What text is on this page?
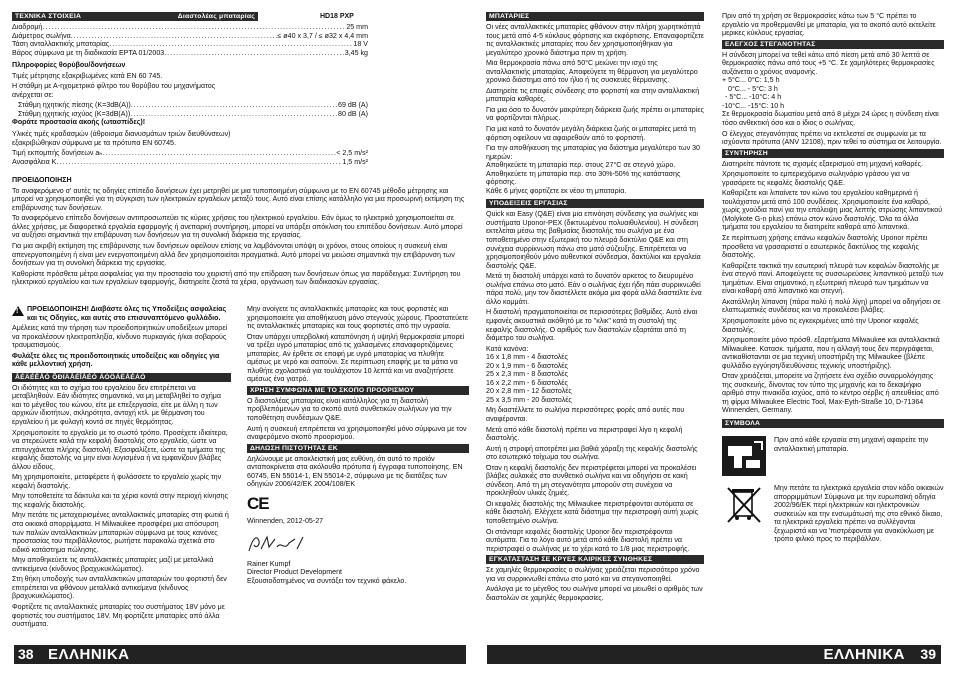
ΤΕΧΝΙΚΑ ΣΤΟΙΧΕΙΑ	Διαστολέας μπαταρίας	HD18 PXP
Διαδρομή .....	25 mm
Διάμετρος σωλήνα .....	≤ ø40 x 3,7 / ≤ ø32 x 4,4 mm
Τάση ανταλλακτικής μπαταρίας .....	18 V
Βάρος σύμφωνα με τη διαδικασία EPTA 01/2003 .....	3,45 kg

Πληροφορίες θορύβου/δονήσεων

Τιμές μέτρησης εξακριβωμένες κατά EN 60 745.

Η στάθμη με Α-ηχομετρικό φίλτρο του θορύβου του μηχανήματος ανέρχεται σε:

Στάθμη ηχητικής πίεσης (K=3dB(A)) .....	69 dB (A)
Στάθμη ηχητικής ισχύος (K=3dB(A)) .....	80 dB (A)

Φοράτε προστασία ακοής (ωτασπίδες)!

Υλικές τιμές κραδασμών (άθροισμα διανυσμάτων τριών διευθύνσεων) εξακριβώθηκαν σύμφωνα με τα πρότυπα EN 60745.

Τιμή εκπομπής δονήσεων aₕ .....	< 2,5 m/s²
Ανασφάλεια K .....	1,5 m/s²

ΠΡΟΕΙΔΟΠΟΙΗΣΗ

Το αναφερόμενο σ' αυτές τις οδηγίες επίπεδο δονήσεων έχει μετρηθεί με μια τυποποιημένη σύμφωνα με το EN 60745 μέθοδο μέτρησης και μπορεί να χρησιμοποιηθεί για τη σύγκριση των ηλεκτρικών εργαλείων μεταξύ τους. Αυτό είναι επίσης κατάλληλο για μια προσωρινή εκτίμηση της επιβάρυνσης των δονήσεων.

Το αναφερόμενο επίπεδο δονήσεων αντιπροσωπεύει τις κύριες χρήσεις του ηλεκτρικού εργαλείου. Εάν όμως το ηλεκτρικό χρησιμοποιείται σε άλλες χρήσεις, με διαφορετικά εργαλεία εφαρμογής ή ανεπαρκή συντήρηση, μπορεί να υπάρξει απόκλιση του επιπέδου δονήσεων. Αυτό μπορεί να αυξήσει σημαντικά την επιβάρυνση των δονήσεων για τη συνολική διάρκεια της εργασίας.

Για μια ακριβή εκτίμηση της επιβάρυνσης των δονήσεων οφείλουν επίσης να λαμβάνονται υπόψη οι χρόνοι, στους οποίους η συσκευή είναι απενεργοποιημένη ή είναι μεν ενεργοποιημένη αλλά δεν χρησιμοποιείται πραγματικά. Αυτό μπορεί να μειώσει σημαντικά την επιβάρυνση των δονήσεων για τη συνολική διάρκεια της εργασίας.

Καθορίστε πρόσθετα μέτρα ασφαλείας για την προστασία του χειριστή από την επίδραση των δονήσεων όπως για παράδειγμα: Συντήρηση του ηλεκτρικού εργαλείου και των εργαλείων εφαρμογής, διατηρείτε ζεστά τα χέρια, οργάνωση των διαδικασιών εργασίας.

!

ΠΡΟΕΙΔΟΠΟΙΗΣΗ! Διαβάστε όλες τις Υποδείξεις ασφαλείας και τις Οδηγίες, και αυτές στο επισυναπτόμενο φυλλάδιο.

Αμέλειες κατά την τήρηση των προειδοποιητικών υποδείξεων μπορεί να προκαλέσουν ηλεκτροπληξία, κίνδυνο πυρκαγιάς ή/και σοβαρούς τραυματισμούς.

Φυλάξτε όλες τις προειδοποιητικές υποδείξεις και οδηγίες για κάθε μελλοντική χρήση.

ÅÉÄÉÊÅÓ ÕÐÏÄÅÉÎÅÉÓ ÁÓÖÁËÅÉÁÓ

Οι ιδιότητες και το σχήμα του εργαλείου δεν επιτρέπεται να μεταβληθούν. Εάν ιδιότητες σημαντικά, να μη μεταβληθεί το σχήμα και το μέγεθος του κώνου, είτε με επεξεργασία, είτε με άλλη η των αρχικών ιδιοτήτων, σκληρότητα, αντοχή κτλ. με θέρμανση του εργαλείου ή με φυλαγή κοντά σε πηγές θερμότητας.

Χρησιμοποιείτε το εργαλείο με το σωστό τρόπο. Προσέχετε ιδιαίτερα, να στερεώνετε καλά την κεφαλή διαστολής στο εργαλείο, ώστε να επιτυγχάνεται πλήρης διαστολή. Εξασφαλίζετε, ώστε τα τμήματα της κεφαλής διαστολής να μην είναι λυγισμένα ή να εμφανίζουν βλάβες άλλου είδους.

Μη χρησιμοποιείτε, μεταφέρετε ή φυλάσσετε το εργαλείο χωρίς την κεφαλή διαστολής.

Μην τοποθετείτε τα δάκτυλα και τα χέρια κοντά στην περιοχή κίνησης της κεφαλής διαστολής.

Μην πετάτε τις μεταχειρισμένες ανταλλακτικές μπαταρίες στη φωτιά ή στα οικιακά απορρίμματα. Η Milwaukee προσφέρει μια απόσυρση των παλιών ανταλλακτικών μπαταριών σύμφωνα με τους κανόνες προστασίας του περιβάλλοντος, ρωτήστε παρακαλώ σχετικά στο ειδικό κατάστημα πώλησης.

Μην αποθηκεύετε τις ανταλλακτικές μπαταρίες μαζί με μεταλλικά αντικείμενα (κίνδυνος βραχυκυκλώματος).

Στη θήκη υποδοχής των ανταλλακτικών μπαταριών του φορτιστή δεν επιτρέπεται να φθάνουν μεταλλικά αντικείμενα (κίνδυνος βραχυκυκλώματος).

Φορτίζετε τις ανταλλακτικές μπαταρίες του συστήματος 18V μόνο με φορτιστές του συστήματος 18V. Μη φορτίζετε μπαταρίες από άλλα συστήματα.

Μην ανοίγετε τις ανταλλακτικές μπαταρίες και τους φορτιστές και χρησιμοποιείτε για αποθήκευση μόνο στεγνούς χώρους. Προστατεύετε τις ανταλλακτικές μπαταρίες και τους φορτιστές από την υγρασία.

Όταν υπάρχει υπερβολική καταπόνηση ή υψηλή θερμοκρασία μπορεί να τρέξει υγρό μπαταρίας από τις χαλασμένες επαναφορτιζόμενες μπαταρίες. Αν έρθετε σε επαφή με υγρό μπαταρίας να πλυθήτε αμέσως με νερό και σαπούνι. Σε περίπτωση επαφής με τα μάτια να πλυθήτε σχολαστικά για τουλάχιστον 10 λεπτά και να αναζητήσετε αμέσως ένα γιατρό.

ΧΡΗΣΗ ΣΥΜΦΩΝΑ ΜΕ ΤΟ ΣΚΟΠΟ ΠΡΟΟΡΙΣΜΟΥ

Ο διαστολέας μπαταρίας είναι κατάλληλος για τη διαστολή προβλεπόμενων για το σκοπό αυτό συνθετικών σωλήνων για την τοποθέτηση συνδέσμων Q&E.

Αυτή η συσκευή επιτρέπεται να χρησιμοποιηθεί μόνο σύμφωνα με τον αναφερόμενο σκοπό προορισμού.

ΔΗΛΩΣΗ ΠΙΣΤΟΤΗΤΑΣ ΕΚ

Δηλώνουμε με αποκλειστική μας ευθύνη, ότι αυτό το προϊόν ανταποκρίνεται στα ακόλουθα πρότυπα ή έγγραφα τυποποίησης. EN 60745, EN 55014-1, EN 55014-2, σύμφωνα με τις διατάξεις των οδηγιών 2006/42/EK 2004/108/EK

CE

Winnenden, 2012-05-27

Rainer Kumpf

Director Product Development

Εξουσιοδοτημένος να συντάξει τον τεχνικό φάκελο.

38 ΕΛΛΗΝΙΚΑ
ΜΠΑΤΑΡΙΕΣ

Οι νέες ανταλλακτικές μπαταρίες φθάνουν στην πλήρη χωρητικότητά τους μετά από 4-5 κύκλους φόρτισης και εκφόρτισης. Επαναφορτίζετε τις ανταλλακτικές μπαταρίες που δεν χρησιμοποιήθηκαν για μεγαλύτερο χρονικό διάστημα πριν τη χρήση.

Μια θερμοκρασία πάνω από 50°C μειώνει την ισχύ της ανταλλακτικής μπαταρίας. Αποφεύγετε τη θέρμανση για μεγαλύτερο χρονικό διάστημα από τον ήλιο ή τις συσκευές θέρμανσης.

Διατηρείτε τις επαφές σύνδεσης στο φορτιστή και στην ανταλλακτική μπαταρία καθαρές.

Για μια όσο το δυνατόν μακρύτερη διάρκεια ζωής πρέπει οι μπαταρίες να φορτίζονται πλήρως.

Για μια κατά το δυνατόν μεγάλη διάρκεια ζωής οι μπαταρίες μετά τη φόρτιση οφείλουν να αφαιρεθούν από το φορτιστή.

Για την αποθήκευση της μπαταρίας για διάστημα μεγαλύτερο των 30 ημερών:

Αποθηκεύετε τη μπαταρία περ. στους 27°C σε στεγνό χώρο.

Αποθηκεύετε τη μπαταρία περ. στο 30%-50% της κατάστασης φόρτισης.

Κάθε 6 μήνες φορτίζετε εκ νέου τη μπαταρία.

ΥΠΟΔΕΙΞΕΙΣ ΕΡΓΑΣΙΑΣ

Quick και Easy (Q&E) είναι μια επινόηση σύνδεσης για σωλήνες και συστήματα Uponor-PEX (δικτυωμένου πολυαιθυλενίου). Η σύνδεση εκτελείται μέσω της βαθμιαίας διαστολής του σωλήνα με ένα τοποθετημένο στην εξωτερική του πλευρά δακτύλιο Q&E και στη συνέχεια συρρίκνωση πάνω στο ματό σύζευξης. Επιτρέπεται να χρησιμοποιηθούν μόνο αυθεντικοί σύνδεσμοι, δακτύλιοι και εργαλεία διαστολής Q&E.

Μετά τη διαστολή υπάρχει κατά το δυνατόν αρκετος το διευρυμένο σωλήνα επάνω στο ματό. Εάν ο σωλήνας έχει ήδη πάει συρρικνωθεί πάρα πολύ, μην τον διαστέλλετε ακόμα μια φορά αλλά διαστείλτε ένα άλλο κομμάτι.

Η διαστολή πραγματοποιείται σε περισσότερες βαθμίδες. Αυτό είναι εμφανές ακουστικά ακόθητό με το "κλικ" κατά τη συστολή της κεφαλής διαστολής. Ο αριθμός των διαστολών εξαρτάται από τη διάμετρο του σωλήνα.

Κατά κανόνα:

16 x 1,8 mm - 4 διαστολές
20 x 1,9 mm - 6 διαστολές
25 x 2,3 mm - 8 διαστολές
16 x 2,2 mm - 6 διαστολές
20 x 2,8 mm - 12 διαστολές
25 x 3,5 mm - 20 διαστολές

Μη διαστέλλετε το σωλήνα περισσότερες φορές από αυτές που αναφέρονται.

Μετά από κάθε διαστολή πρέπει να περιστραφεί λίγο η κεφαλή διαστολής.

Αυτή η στροφή αποτρέπει μια βαθιά χάραξη της κεφαλής διαστολής στο εσωτερικό τοίχωμα του σωλήνα.

Όταν η κεφαλή διαστολής δεν περιστρέφεται μπορεί να προκαλέσει βλάβες αυλακιές στο συνθετικό σωλήνα και να οδηγήσει σε κακή σύνδεση. Από τη μη στεγανότητα μπορούν στη συνέχεια να προκληθούν υλικές ζημιές.

Οι κεφαλές διαστολής της Milwaukee περιστρέφονται αυτόματα σε κάθε διαστολή. Ελέγχετε κατά διάστημα την περιστροφή αυτή χωρίς τοποθετημένο σωλήνα.

Οι στάνταρτ κεφαλές διαστολής Uponor δεν περιστρέφονται αυτόματα. Για το λόγο αυτό μετά από κάθε διαστολή πρέπει να περιστραφεί ο σωλήνας με το χέρι κατά το 1/8 μιας περιστροφής.

ΕΓΚΑΤΑΣΤΑΣΗ ΣΕ ΚΡΥΕΣ ΚΑΙΡΙΚΕΣ ΣΥΝΘΗΚΕΣ

Σε χαμηλές θερμοκρασίες ο σωλήνας χρειάζεται περισσότερο χρόνο για να συρρικνωθεί επάνω στο ματό και να στεγανοποιηθεί.

Ανάλογα με το μέγεθος του σωλήνα μπορεί να μειωθεί ο αριθμός των διαστολών σε χαμηλές θερμοκρασίες.

Πριν από τη χρήση σε θερμοκρασίες κάτω των 5 °C πρέπει το εργαλείο να προθερμανθεί με μπαταρία, για το σκοπό αυτό εκτελείτε μερικες κύκλους εργασίας.

ΕΛΕΓΧΟΣ ΣΤΕΓΑΝΟΤΗΤΑΣ

Η σύνδεση μπορεί να τεθεί κάτω από πίεση μετά από 30 λεπτά σε θερμοκρασίες πάνω από τους +5 °C. Σε χαμηλότερες θερμοκρασίες αυξάνεται ο χρόνος αναμονής.

+ 5°C... 0°C: 1,5 h
0°C... - 5°C: 3 h
- 5°C... -10°C: 4 h
-10°C... -15°C: 10 h

Σε θερμοκρασία δωματίου μετά από 8 μέχρι 24 ώρες η σύνδεση είναι τόσο ανθεκτική όσο και ο ίδιος ο σωλήνας.

Ο έλεγχος στεγανότητας πρέπει να εκτελεστεί σε συμφωνία με τα ισχύοντα πρότυπα (ANV 12108), πριν τεθεί το σύστημα σε λειτουργία.

ΣΥΝΤΗΡΗΣΗ

Διατηρείτε πάντοτε τις σχισμές εξαερισμού στη μηχανή καθαρές.

Χρησιμοποιείτε το εμπεριεχόμενο σωληνάριο γράσου για να γρασάρετε τις κεφαλές διαστολής Q&E.

Καθαρίζετε και λιπαίνετε τον κώνο του εργαλείου καθημερινά ή τουλάχιστον μετά από 100 συνδέσεις. Χρησιμοποιείτε ένα καθαρό, χωρίς χνούδια πανί για την επάλειψη μιας λεπτής στρώσης λιπαντικού (Molykote G-n plus) επάνω στον κώνο διαστολής. Όλα τα άλλα τμήματα του εργαλείου τα διατηρείτε καθαρά από λιπαντικά.

Σε περίπτωση χρήσης επάνω κεφαλών διαστολής Uponor πρέπει προσθετα να γρασαριστεί ο εσωτερικός δακτύλιος της κεφαλής διαστολής.

Καθαρίζετε τακτικά την εσωτερική πλευρά των κεφαλών διαστολής με ένα στεγνό πανί. Αποφεύγετε τις συσσωρεύσεις λιπαντικού μεταξύ των τμημάτων. Είναι σημαντικό, η εξωτερική πλευρά των τμημάτων να είναι καθαρή από λιπαντικό και στεγνή.

Ακατάλληλη λίπανση (πάρα πολύ ή πολύ λίγη) μπορεί να οδηγήσει σε ελαττωματικές συνδέσεις και να προκαλέσει βλάβες.

Χρησιμοποιείτε μόνο τις εγκεκριμένες από την Uponor κεφαλές διαστολής.

Χρησιμοποιείτε μόνο πρόσθ. εξαρτήματα Milwaukee και ανταλλακτικά Milwaukee. Κατασκ. τμήματα, που η αλλαγή τους δεν περιγράφεται, αντικαθίστανται σε μια τεχνική υποστήριξη της Milwaukee (βλέπε φυλλάδιο εγγύηση/διευθύνσεις τεχνικής υποστήριξης).

Όταν χρειάζεται, μπορείτε να ζητήσετε ένα σχέδιο συναρμολόγησης της συσκευής, δίνοντας τον τύπο της μηχανής και το δεκαψήφιο αριθμό στην πινακίδα ισχύος, από το κέντρο σέρβις ή απευθείας από τη φίρμα Milwaukee Electric Tool, Max-Eyth-Straße 10, D-71364 Winnenden, Germany.

ΣΥΜΒΟΛΑ

Πριν από κάθε εργασία στη μηχανή αφαιρείτε την ανταλλακτική μπαταρία.

Μην πετάτε τα ηλεκτρικά εργαλεία στον κάδο οικιακών απορριμμάτων! Σύμφωνα με την ευρωπαϊκή οδηγία 2002/96/ΕΚ περί ηλεκτρικών και ηλεκτρονικών συσκευών και την ενσωμάτωσή της στο εθνικό δίκαιο, τα ηλεκτρικά εργαλεία πρέπει να συλλέγονται ξεχωριστά και να 'πιστρέφονται για ανακύκλωση με τρόπο φιλικό προς το περιβάλλον.

ΕΛΛΗΝΙΚΑ 39
